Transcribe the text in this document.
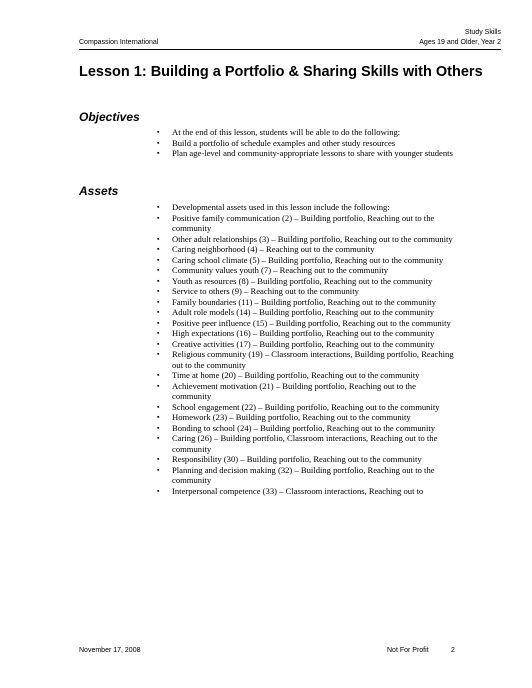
Compassion International
Study Skills
Ages 19 and Older, Year 2
Lesson 1: Building a Portfolio & Sharing Skills with Others
Objectives
▪ At the end of this lesson, students will be able to do the following:
▪ Build a portfolio of schedule examples and other study resources
▪ Plan age-level and community-appropriate lessons to share with younger students
Assets
▪ Developmental assets used in this lesson include the following:
▪ Positive family communication (2) – Building portfolio, Reaching out to the community
▪ Other adult relationships (3) – Building portfolio, Reaching out to the community
▪ Caring neighborhood (4) – Reaching out to the community
▪ Caring school climate (5) – Building portfolio, Reaching out to the community
▪ Community values youth (7) – Reaching out to the community
▪ Youth as resources (8) – Building portfolio, Reaching out to the community
▪ Service to others (9) – Reaching out to the community
▪ Family boundaries (11) – Building portfolio, Reaching out to the community
▪ Adult role models (14) – Building portfolio, Reaching out to the community
▪ Positive peer influence (15) – Building portfolio, Reaching out to the community
▪ High expectations (16) – Building portfolio, Reaching out to the community
▪ Creative activities (17) – Building portfolio, Reaching out to the community
▪ Religious community (19) – Classroom interactions, Building portfolio, Reaching out to the community
▪ Time at home (20) – Building portfolio, Reaching out to the community
▪ Achievement motivation (21) – Building portfolio, Reaching out to the community
▪ School engagement (22) – Building portfolio, Reaching out to the community
▪ Homework (23) – Building portfolio, Reaching out to the community
▪ Bonding to school (24) – Building portfolio, Reaching out to the community
▪ Caring (26) – Building portfolio, Classroom interactions, Reaching out to the community
▪ Responsibility (30) – Building portfolio, Reaching out to the community
▪ Planning and decision making (32) – Building portfolio, Reaching out to the community
▪ Interpersonal competence (33) – Classroom interactions, Reaching out to
November 17, 2008	Not For Profit	2
